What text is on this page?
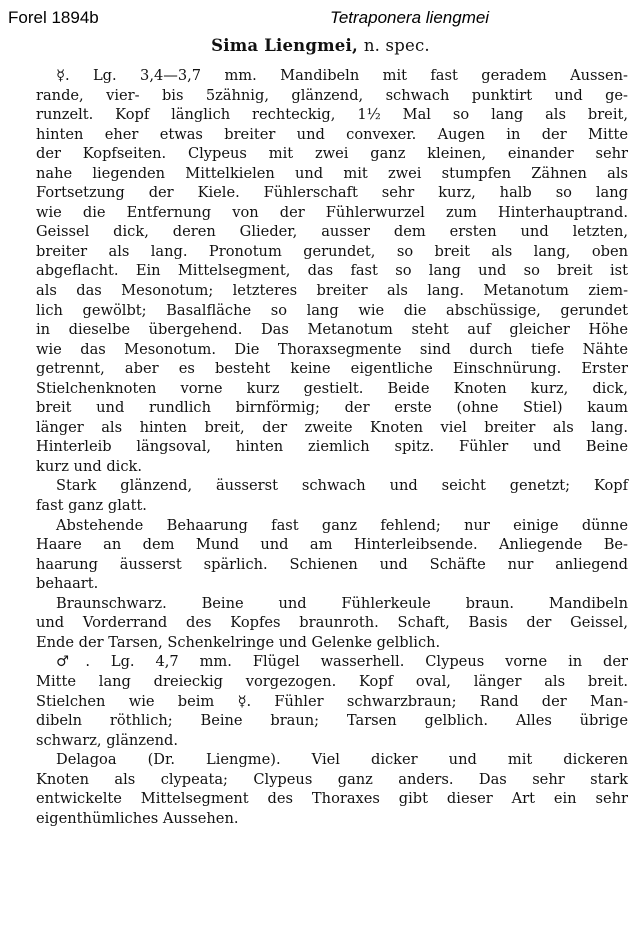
Forel 1894b	Tetraponera liengmei
Sima Liengmei, n. spec.
☿. Lg. 3,4—3,7 mm. Mandibeln mit fast geradem Aussen-
rande, vier- bis 5zähnig, glänzend, schwach punktirt und ge-
runzelt. Kopf länglich rechteckig, 1½ Mal so lang als breit,
hinten eher etwas breiter und convexer. Augen in der Mitte
der Kopfseiten. Clypeus mit zwei ganz kleinen, einander sehr
nahe liegenden Mittelkielen und mit zwei stumpfen Zähnen als
Fortsetzung der Kiele. Fühlerschaft sehr kurz, halb so lang
wie die Entfernung von der Fühlerwurzel zum Hinterhauptrand.
Geissel dick, deren Glieder, ausser dem ersten und letzten,
breiter als lang. Pronotum gerundet, so breit als lang, oben
abgeflacht. Ein Mittelsegment, das fast so lang und so breit ist
als das Mesonotum; letzteres breiter als lang. Metanotum ziem-
lich gewölbt; Basalfläche so lang wie die abschüssige, gerundet
in dieselbe übergehend. Das Metanotum steht auf gleicher Höhe
wie das Mesonotum. Die Thoraxsegmente sind durch tiefe Nähte
getrennt, aber es besteht keine eigentliche Einschnürung. Erster
Stielchenknoten vorne kurz gestielt. Beide Knoten kurz, dick,
breit und rundlich birnförmig; der erste (ohne Stiel) kaum
länger als hinten breit, der zweite Knoten viel breiter als lang.
Hinterleib längsoval, hinten ziemlich spitz. Fühler und Beine
kurz und dick.
Stark glänzend, äusserst schwach und seicht genetzt; Kopf
fast ganz glatt.
Abstehende Behaarung fast ganz fehlend; nur einige dünne
Haare an dem Mund und am Hinterleibsende. Anliegende Be-
haarung äusserst spärlich. Schienen und Schäfte nur anliegend
behaart.
Braunschwarz. Beine und Fühlerkeule braun. Mandibeln
und Vorderrand des Kopfes braunroth. Schaft, Basis der Geissel,
Ende der Tarsen, Schenkelringe und Gelenke gelblich.
♂. Lg. 4,7 mm. Flügel wasserhell. Clypeus vorne in der
Mitte lang dreieckig vorgezogen. Kopf oval, länger als breit.
Stielchen wie beim ☿. Fühler schwarzbraun; Rand der Man-
dibeln röthlich; Beine braun; Tarsen gelblich. Alles übrige
schwarz, glänzend.
Delagoa (Dr. Liengme). Viel dicker und mit dickeren
Knoten als clypeata; Clypeus ganz anders. Das sehr stark
entwickelte Mittelsegment des Thoraxes gibt dieser Art ein sehr
eigenthümliches Aussehen.
